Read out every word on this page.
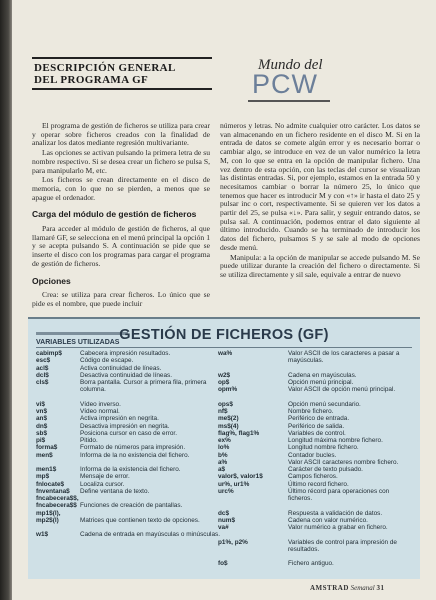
DESCRIPCIÓN GENERAL
DEL PROGRAMA GF
Mundo del
PCW

El programa de gestión de ficheros se utiliza para crear y operar sobre ficheros creados con la finalidad de analizar los datos mediante regresión multivariante.

Las opciones se activan pulsando la primera letra de su nombre respectivo. Si se desea crear un fichero se pulsa S, para manipularlo M, etc.

Los ficheros se crean directamente en el disco de memoria, con lo que no se pierden, a menos que se apague el ordenador.

Carga del módulo de gestión de ficheros

Para acceder al módulo de gestión de ficheros, al que llamaré GF, se selecciona en el menú principal la opción 1 y se acepta pulsando S. A continuación se pide que se inserte el disco con los programas para cargar el programa de gestión de ficheros.

Opciones

Crea: se utiliza para crear ficheros. Lo único que se pide es el nombre, que puede incluir

números y letras. No admite cualquier otro carácter. Los datos se van almacenando en un fichero residente en el disco M. Si en la entrada de datos se comete algún error y es necesario borrar o cambiar algo, se introduce en vez de un valor numérico la letra M, con lo que se entra en la opción de manipular fichero. Una vez dentro de esta opción, con las teclas del cursor se visualizan las distintas entradas. Si, por ejemplo, estamos en la entrada 50 y necesitamos cambiar o borrar la número 25, lo único que tenemos que hacer es introducir M y con «↑» ir hasta el dato 25 y pulsar inc o cort, respectivamente. Si se quieren ver los datos a partir del 25, se pulsa «↓». Para salir, y seguir entrando datos, se pulsa sal. A continuación, podemos entrar el dato siguiente al último introducido. Cuando se ha terminado de introducir los datos del fichero, pulsamos S y se sale al modo de opciones desde menú.

Manipula: a la opción de manipular se accede pulsando M. Se puede utilizar durante la creación del fichero o directamente. Si se utiliza directamente y sil sale, equivale a entrar de nuevo

GESTIÓN DE FICHEROS (GF)
VARIABLES UTILIZADAS
cabimp$	Cabecera impresión resultados.
esc$	Código de escape.
acl$	Activa continuidad de líneas.
dcl$	Desactiva continuidad de líneas.
cls$	Borra pantalla. Cursor a primera fila, primera columna.
vi$	Vídeo inverso.
vn$	Vídeo normal.
an$	Activa impresión en negrita.
dn$	Desactiva impresión en negrita.
sb$	Posiciona cursor en caso de error.
pi$	Pitido.
forma$	Formato de números para impresión.
men$	Informa de la no existencia del fichero.
men1$	Informa de la existencia del fichero.
mp$	Mensaje de error.
fnlocate$	Localiza cursor.
fnventana$	Define ventana de texto.
fncabecera$$,
fncabecera$$ Funciones de creación de pantallas.
mp1$(l),
mp2$(l)	Matrices que contienen texto de opciones.
w1$	Cadena de entrada en mayúsculas o minúsculas.
wa%	Valor ASCII de los caracteres a pasar a mayúsculas.
w2$	Cadena en mayúsculas.
op$	Opción menú principal.
opm%	Valor ASCII de opción menú principal.
ops$	Opción menú secundario.
nf$	Nombre fichero.
me$(2)	Periférico de entrada.
ms$(4)	Periférico de salida.
flag%, flag1%	Variables de control.
ex%	Longitud máxima nombre fichero.
lo%	Longitud nombre fichero.
b%	Contador bucles.
a%	Valor ASCII caracteres nombre fichero.
a$	Carácter de texto pulsado.
valor$, valor1$	Campos ficheros.
ur%, ur1%	Último record fichero.
urc%	Último récord para operaciones con ficheros.
dc$	Respuesta a validación de datos.
num$	Cadena con valor numérico.
va#	Valor numérico a grabar en fichero.
p1%, p2%	Variables de control para impresión de resultados.
fo$	Fichero antiguo.
AMSTRAD Semanal 31
